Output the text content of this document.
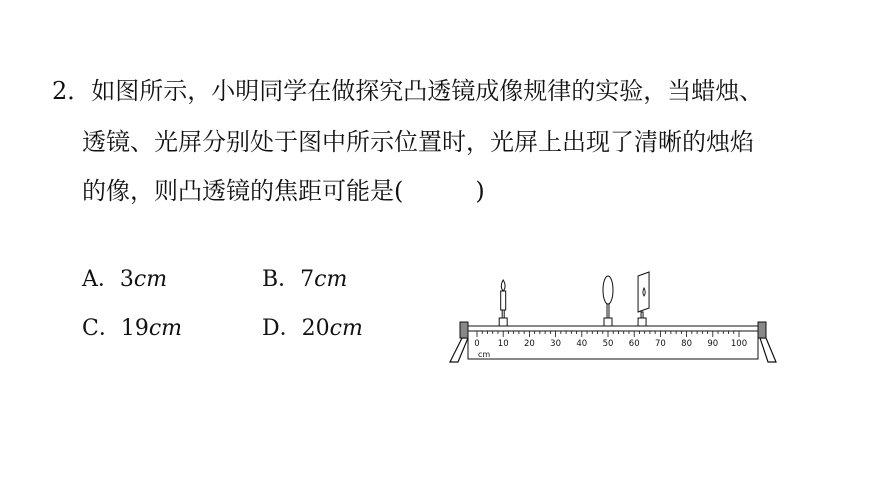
2．如图所示，小明同学在做探究凸透镜成像规律的实验，当蜡烛、
透镜、光屏分别处于图中所示位置时，光屏上出现了清晰的烛焰
的像，则凸透镜的焦距可能是(　　　)
A．3cm	B．7cm
C．19cm	D．20cm
0 10 20 30 40 50 60 70 80 90 100
cm
